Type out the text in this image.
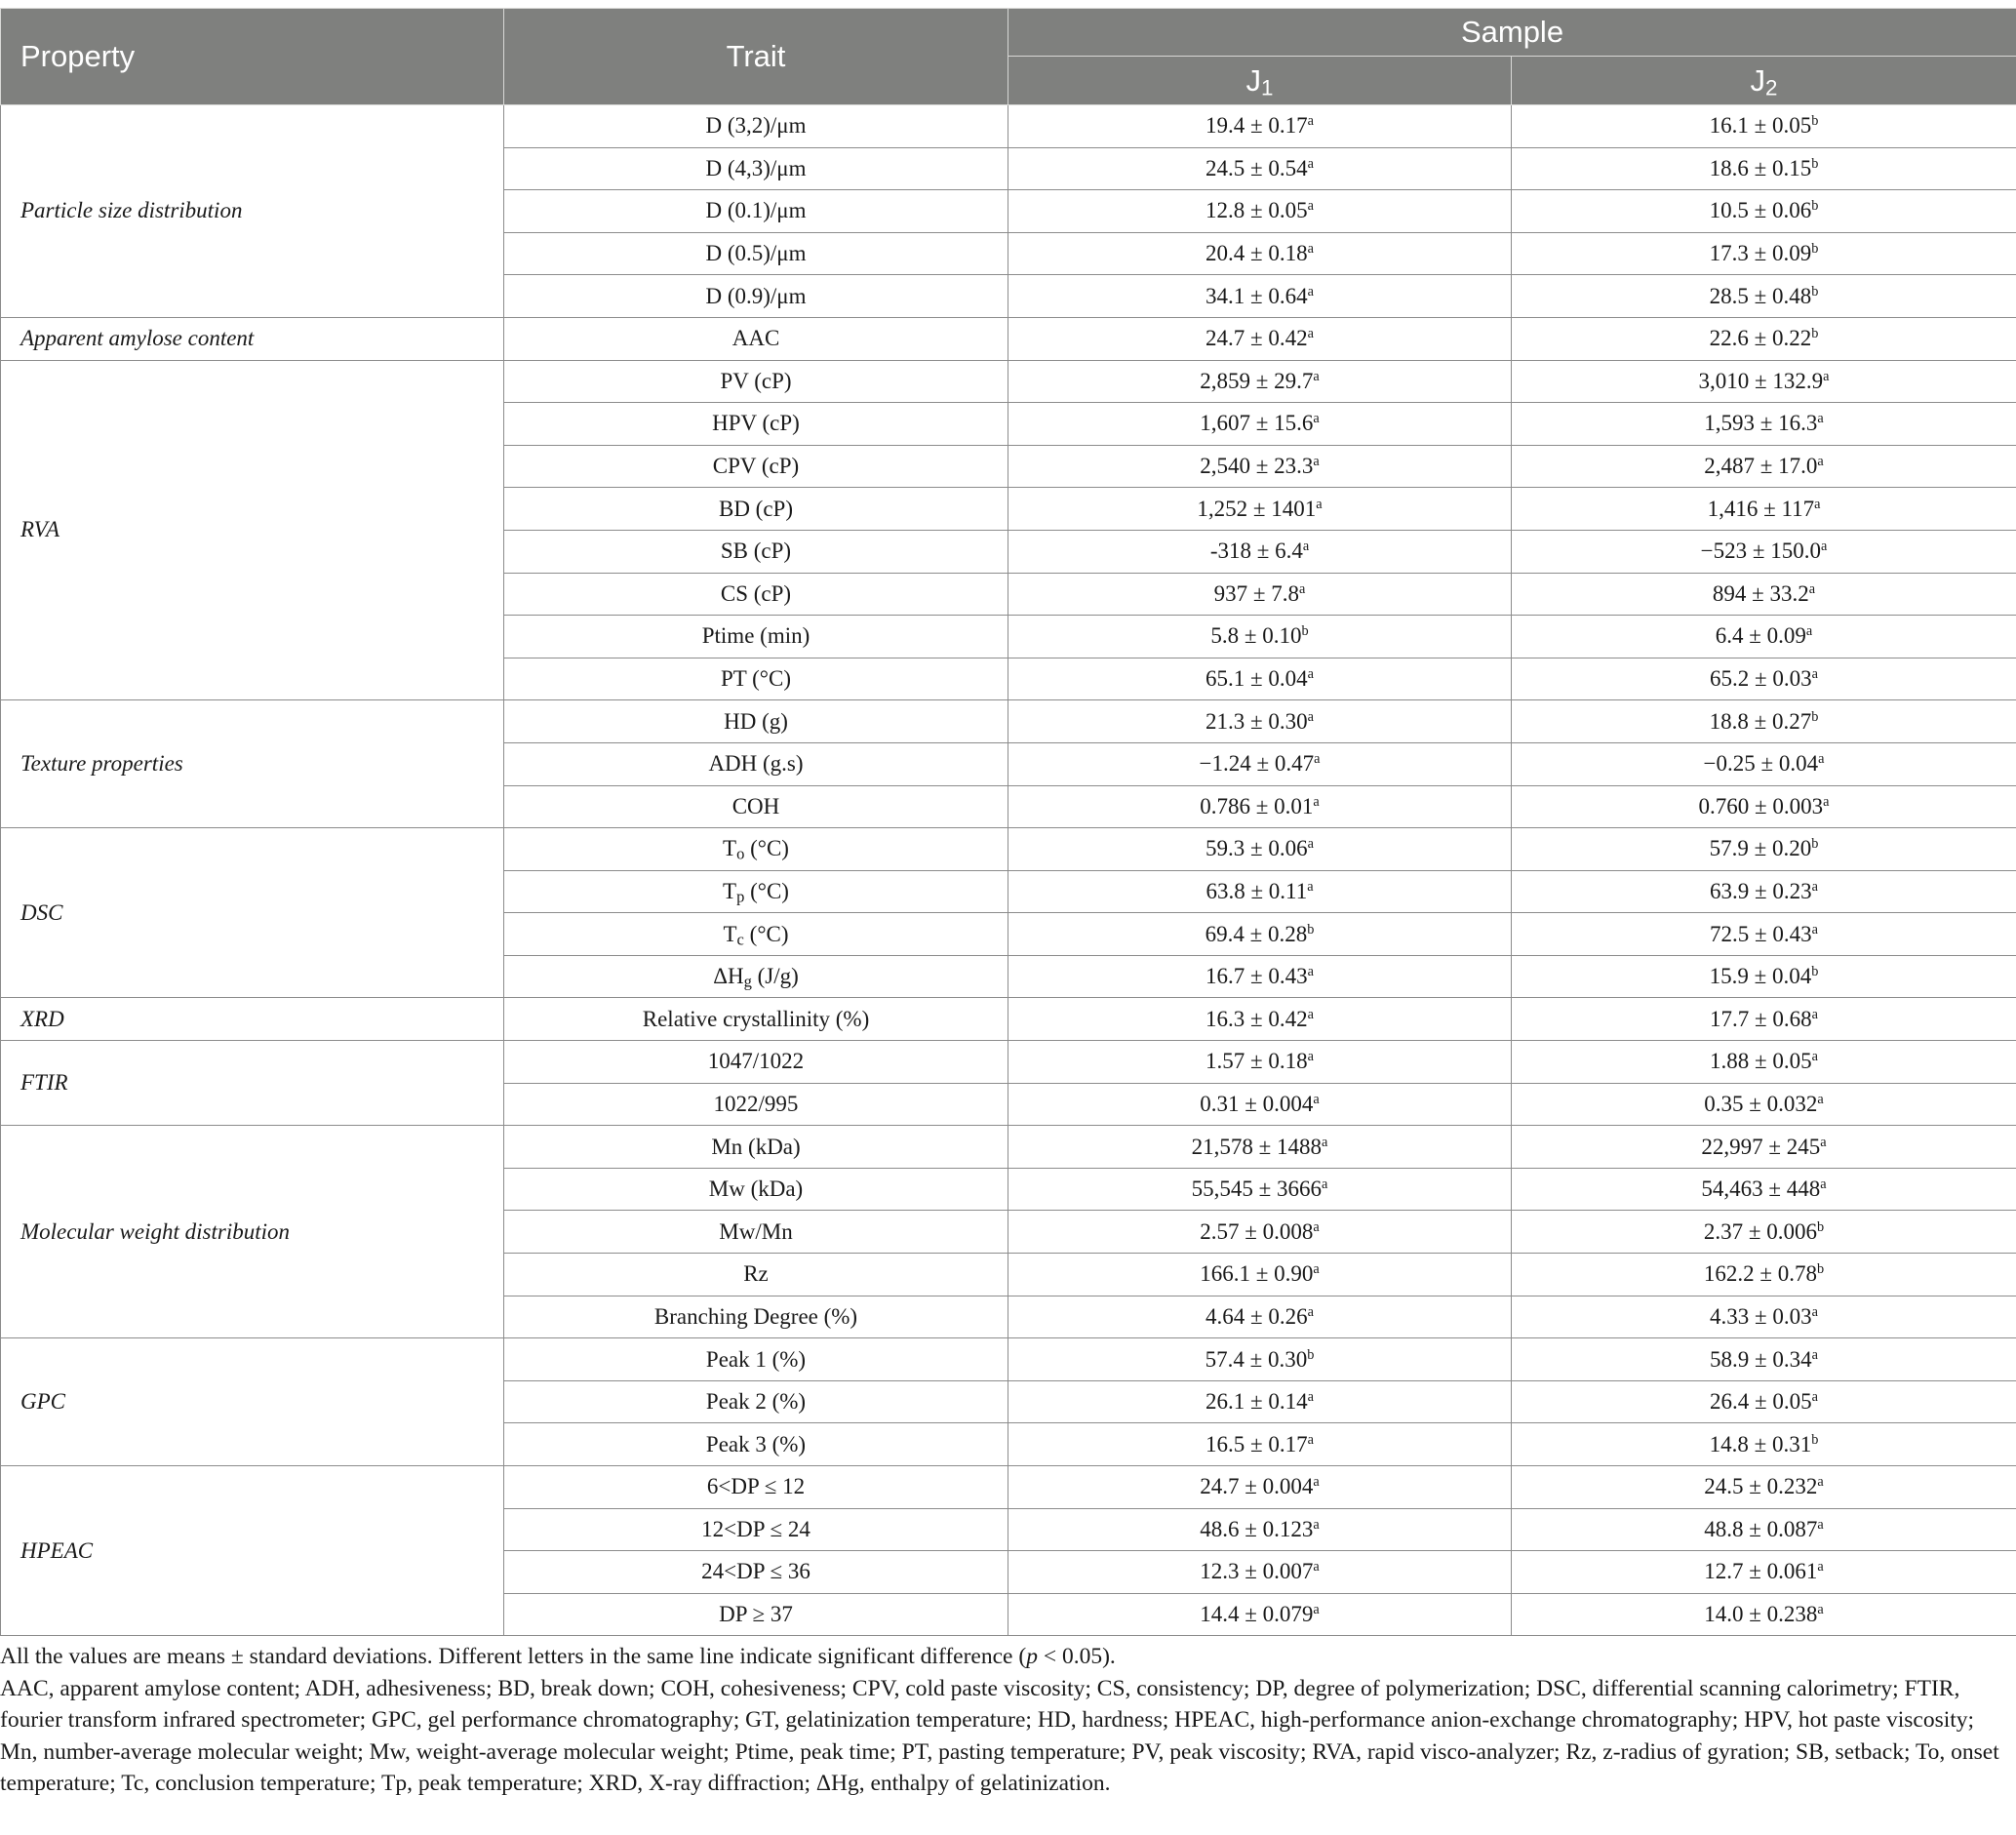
Property	Trait	Sample	
		$J_1$	$J_2$
Particle size distribution	D (3,2)/μm	19.4 ± 0.17$^a$	16.1 ± 0.05$^b$
	D (4,3)/μm	24.5 ± 0.54$^a$	18.6 ± 0.15$^b$
	D (0.1)/μm	12.8 ± 0.05$^a$	10.5 ± 0.06$^b$
	D (0.5)/μm	20.4 ± 0.18$^a$	17.3 ± 0.09$^b$
	D (0.9)/μm	34.1 ± 0.64$^a$	28.5 ± 0.48$^b$
Apparent amylose content	AAC	24.7 ± 0.42$^a$	22.6 ± 0.22$^b$
RVA	PV (cP)	2,859 ± 29.7$^a$	3,010 ± 132.9$^a$
	HPV (cP)	1,607 ± 15.6$^a$	1,593 ± 16.3$^a$
	CPV (cP)	2,540 ± 23.3$^a$	2,487 ± 17.0$^a$
	BD (cP)	$1,252 \pm 1401^a$	$1,416 \pm 117^a$
	SB (cP)	-318 ± 6.4$^a$	−523 ± 150.0$^a$
	CS (cP)	937 ± 7.8$^a$	894 ± 33.2$^a$
	Ptime (min)	5.8 ± 0.10$^b$	6.4 ± 0.09$^a$
	PT (°C)	65.1 ± 0.04$^a$	65.2 ± 0.03$^a$
Texture properties	HD (g)	21.3 ± 0.30$^a$	18.8 ± 0.27$^b$
	ADH (g.s)	−1.24 ± 0.47$^a$	−0.25 ± 0.04$^a$
	COH	0.786 ± 0.01$^a$	0.760 ± 0.003$^a$
DSC	$T_o$ (°C)	59.3 ± 0.06$^a$	57.9 ± 0.20$^b$
	$T_p$ (°C)	63.8 ± 0.11$^a$	63.9 ± 0.23$^a$
	$T_c$ (°C)	69.4 ± 0.28$^b$	72.5 ± 0.43$^a$
	$\Delta H_g$ (J/g)	16.7 ± 0.43$^a$	15.9 ± 0.04$^b$
XRD	Relative crystallinity (%)	16.3 ± 0.42$^a$	17.7 ± 0.68$^a$
FTIR	1047/1022	1.57 ± 0.18$^a$	1.88 ± 0.05$^a$
	1022/995	0.31 ± 0.004$^a$	0.35 ± 0.032$^a$
Molecular weight distribution	Mn (kDa)	$21,578 \pm 1488^a$	$22,997 \pm 245^a$
	Mw (kDa)	$55,545 \pm 3666^a$	$54,463 \pm 448^a$
	Mw/Mn	2.57 ± 0.008$^a$	2.37 ± 0.006$^b$
	Rz	166.1 ± 0.90$^a$	162.2 ± 0.78$^b$
	Branching Degree (%)	4.64 ± 0.26$^a$	4.33 ± 0.03$^a$
GPC	Peak 1 (%)	57.4 ± 0.30$^b$	58.9 ± 0.34$^a$
	Peak 2 (%)	26.1 ± 0.14$^a$	26.4 ± 0.05$^a$
	Peak 3 (%)	16.5 ± 0.17$^a$	14.8 ± 0.31$^b$
HPEAC	6<DP ≤ 12	24.7 ± 0.004$^a$	24.5 ± 0.232$^a$
	12<DP ≤ 24	48.6 ± 0.123$^a$	48.8 ± 0.087$^a$
	24<DP ≤ 36	12.3 ± 0.007$^a$	12.7 ± 0.061$^a$
	DP ≥ 37	14.4 ± 0.079$^a$	14.0 ± 0.238$^a$

All the values are means ± standard deviations. Different letters in the same line indicate significant difference (p < 0.05).

AAC, apparent amylose content; ADH, adhesiveness; BD, break down; COH, cohesiveness; CPV, cold paste viscosity; CS, consistency; DP, degree of polymerization; DSC, differential scanning calorimetry; FTIR, fourier transform infrared spectrometer; GPC, gel performance chromatography; GT, gelatinization temperature; HD, hardness; HPEAC, high-performance anion-exchange chromatography; HPV, hot paste viscosity; Mn, number-average molecular weight; Mw, weight-average molecular weight; Ptime, peak time; PT, pasting temperature; PV, peak viscosity; RVA, rapid visco-analyzer; Rz, z-radius of gyration; SB, setback; To, onset temperature; Tc, conclusion temperature; Tp, peak temperature; XRD, X-ray diffraction; ΔHg, enthalpy of gelatinization.
